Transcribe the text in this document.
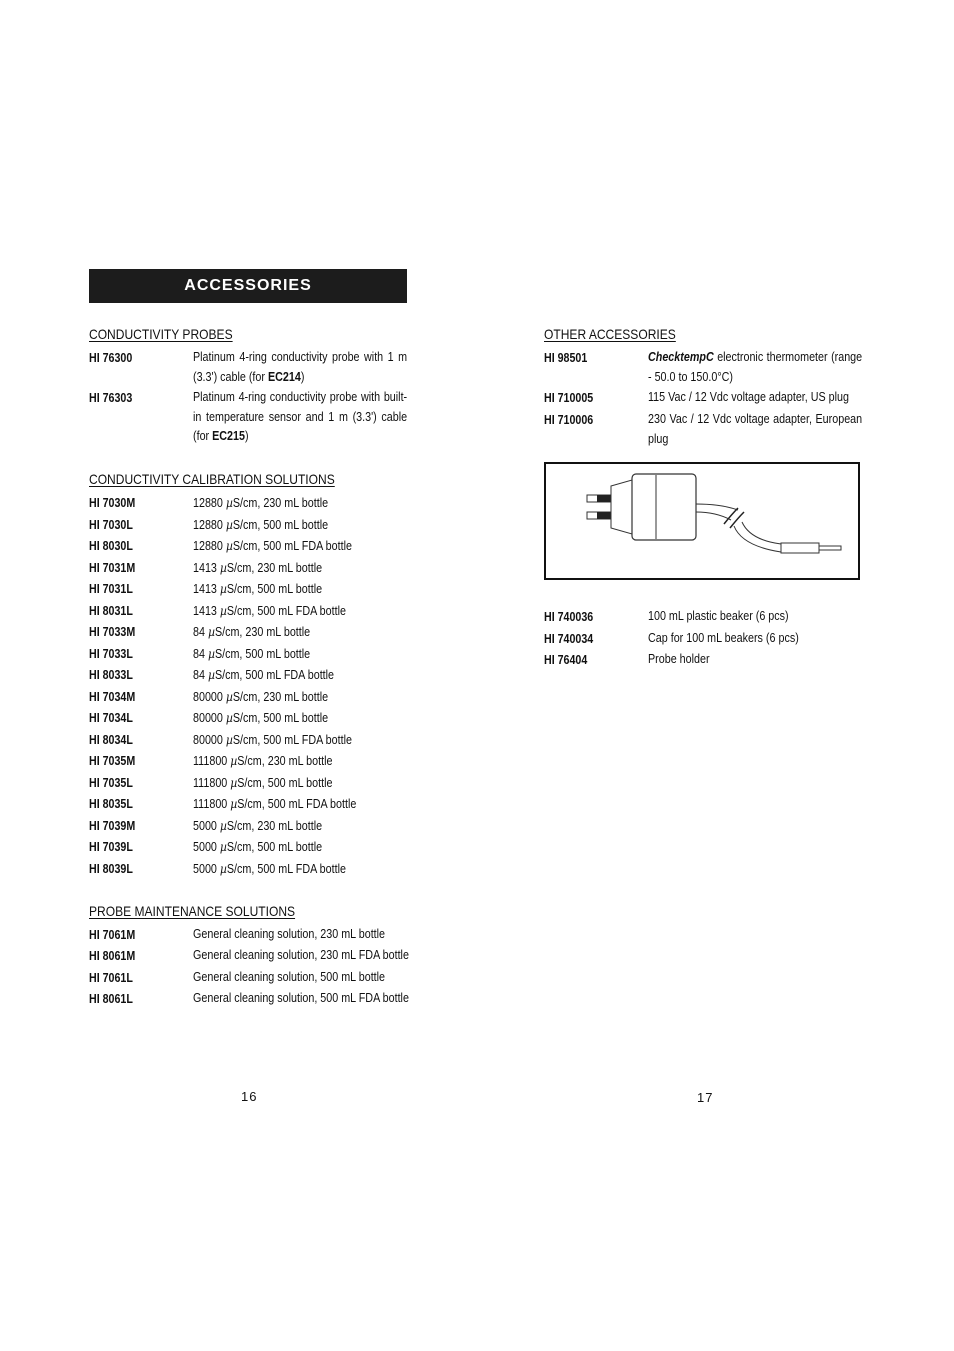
ACCESSORIES
CONDUCTIVITY PROBES
HI 76300	Platinum 4-ring conductivity probe with 1 m (3.3') cable (for EC214)
HI 76303	Platinum 4-ring conductivity probe with built-in temperature sensor and 1 m (3.3') cable (for EC215)
CONDUCTIVITY CALIBRATION SOLUTIONS
HI 7030M	12880 µS/cm, 230 mL bottle
HI 7030L	12880 µS/cm, 500 mL bottle
HI 8030L	12880 µS/cm, 500 mL FDA bottle
HI 7031M	1413 µS/cm, 230 mL bottle
HI 7031L	1413 µS/cm, 500 mL bottle
HI 8031L	1413 µS/cm, 500 mL FDA bottle
HI 7033M	84 µS/cm, 230 mL bottle
HI 7033L	84 µS/cm, 500 mL bottle
HI 8033L	84 µS/cm, 500 mL FDA bottle
HI 7034M	80000 µS/cm, 230 mL bottle
HI 7034L	80000 µS/cm, 500 mL bottle
HI 8034L	80000 µS/cm, 500 mL FDA bottle
HI 7035M	111800 µS/cm, 230 mL bottle
HI 7035L	111800 µS/cm, 500 mL bottle
HI 8035L	111800 µS/cm, 500 mL FDA bottle
HI 7039M	5000 µS/cm, 230 mL bottle
HI 7039L	5000 µS/cm, 500 mL bottle
HI 8039L	5000 µS/cm, 500 mL FDA bottle
PROBE MAINTENANCE SOLUTIONS
HI 7061M	General cleaning solution, 230 mL bottle
HI 8061M	General cleaning solution, 230 mL FDA bottle
HI 7061L	General cleaning solution, 500 mL bottle
HI 8061L	General cleaning solution, 500 mL FDA bottle
OTHER ACCESSORIES
HI 98501	ChecktempC electronic thermometer (range - 50.0 to 150.0°C)
HI 710005	115 Vac / 12 Vdc voltage adapter, US plug
HI 710006	230 Vac / 12 Vdc voltage adapter, European plug
HI 740036	100 mL plastic beaker (6 pcs)
HI 740034	Cap for 100 mL beakers (6 pcs)
HI 76404	Probe holder
16	17
